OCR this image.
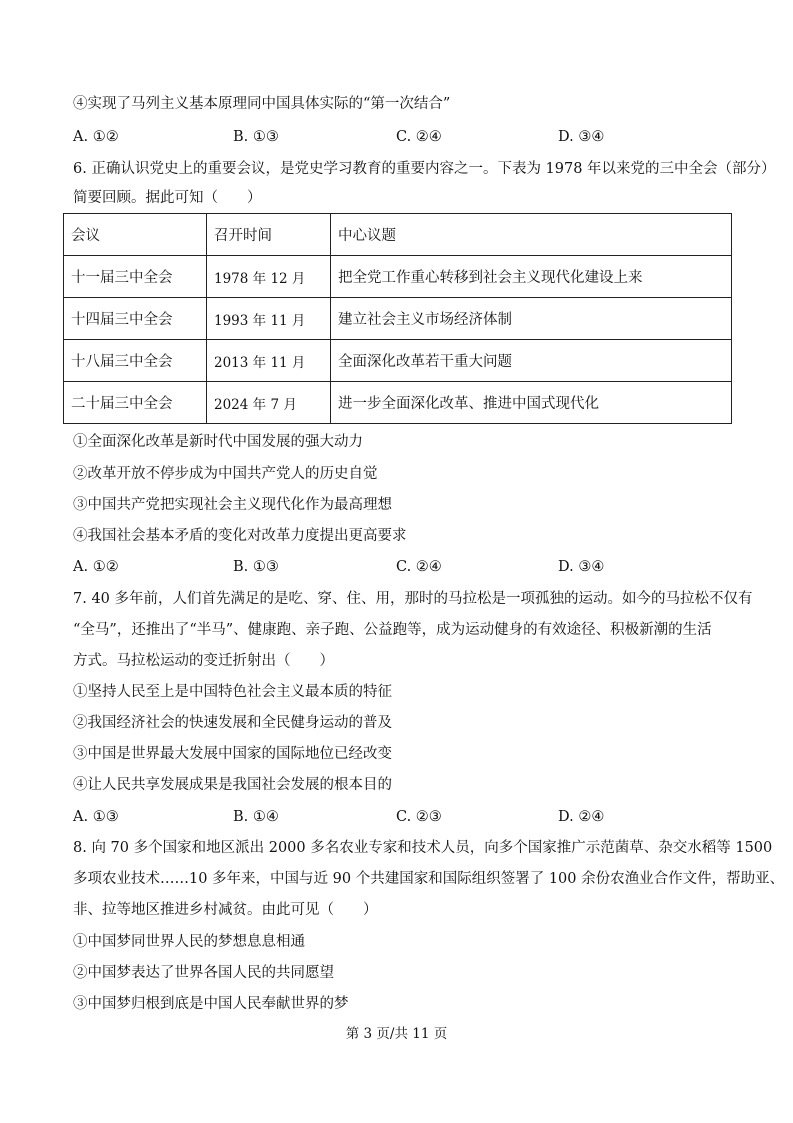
④实现了马列主义基本原理同中国具体实际的“第一次结合”
A. ①②	B. ①③	C. ②④	D. ③④
6. 正确认识党史上的重要会议，是党史学习教育的重要内容之一。下表为 1978 年以来党的三中全会（部分）
简要回顾。据此可知（　　）
会议	召开时间	中心议题
十一届三中全会	1978 年 12 月	把全党工作重心转移到社会主义现代化建设上来
十四届三中全会	1993 年 11 月	建立社会主义市场经济体制
十八届三中全会	2013 年 11 月	全面深化改革若干重大问题
二十届三中全会	2024 年 7 月	进一步全面深化改革、推进中国式现代化
①全面深化改革是新时代中国发展的强大动力
②改革开放不停步成为中国共产党人的历史自觉
③中国共产党把实现社会主义现代化作为最高理想
④我国社会基本矛盾的变化对改革力度提出更高要求
A. ①②	B. ①③	C. ②④	D. ③④
7. 40 多年前，人们首先满足的是吃、穿、住、用，那时的马拉松是一项孤独的运动。如今的马拉松不仅有
“全马”，还推出了“半马”、健康跑、亲子跑、公益跑等，成为运动健身的有效途径、积极新潮的生活
方式。马拉松运动的变迁折射出（　　）
①坚持人民至上是中国特色社会主义最本质的特征
②我国经济社会的快速发展和全民健身运动的普及
③中国是世界最大发展中国家的国际地位已经改变
④让人民共享发展成果是我国社会发展的根本目的
A. ①③	B. ①④	C. ②③	D. ②④
8. 向 70 多个国家和地区派出 2000 多名农业专家和技术人员，向多个国家推广示范菌草、杂交水稻等 1500
多项农业技术……10 多年来，中国与近 90 个共建国家和国际组织签署了 100 余份农渔业合作文件，帮助亚、
非、拉等地区推进乡村减贫。由此可见（　　）
①中国梦同世界人民的梦想息息相通
②中国梦表达了世界各国人民的共同愿望
③中国梦归根到底是中国人民奉献世界的梦
第 3 页/共 11 页
